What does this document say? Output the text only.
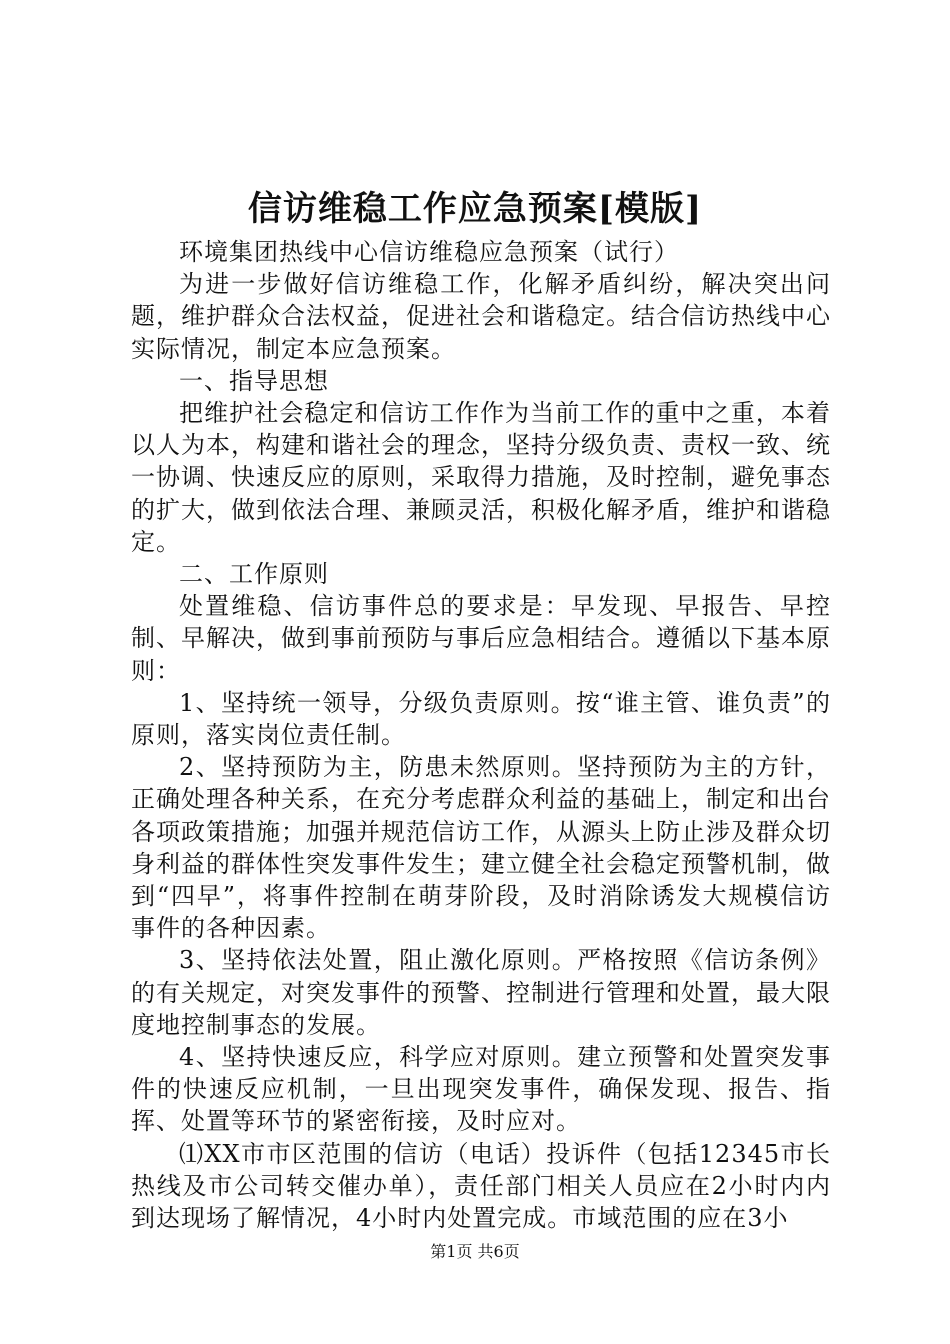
信访维稳工作应急预案[模版]

环境集团热线中心信访维稳应急预案（试行）

为进一步做好信访维稳工作，化解矛盾纠纷，解决突出问题，维护群众合法权益，促进社会和谐稳定。结合信访热线中心实际情况，制定本应急预案。

一、指导思想

把维护社会稳定和信访工作作为当前工作的重中之重，本着以人为本，构建和谐社会的理念，坚持分级负责、责权一致、统一协调、快速反应的原则，采取得力措施，及时控制，避免事态的扩大，做到依法合理、兼顾灵活，积极化解矛盾，维护和谐稳定。

二、工作原则

处置维稳、信访事件总的要求是：早发现、早报告、早控制、早解决，做到事前预防与事后应急相结合。遵循以下基本原则：

1、坚持统一领导，分级负责原则。按“谁主管、谁负责”的原则，落实岗位责任制。

2、坚持预防为主，防患未然原则。坚持预防为主的方针，正确处理各种关系，在充分考虑群众利益的基础上，制定和出台各项政策措施；加强并规范信访工作，从源头上防止涉及群众切身利益的群体性突发事件发生；建立健全社会稳定预警机制，做到“四早”，将事件控制在萌芽阶段，及时消除诱发大规模信访事件的各种因素。

3、坚持依法处置，阻止激化原则。严格按照《信访条例》的有关规定，对突发事件的预警、控制进行管理和处置，最大限度地控制事态的发展。

4、坚持快速反应，科学应对原则。建立预警和处置突发事件的快速反应机制，一旦出现突发事件，确保发现、报告、指挥、处置等环节的紧密衔接，及时应对。

⑴XX市市区范围的信访（电话）投诉件（包括12345市长热线及市公司转交催办单），责任部门相关人员应在2小时内内到达现场了解情况，4小时内处置完成。市域范围的应在3小

第1页 共6页
